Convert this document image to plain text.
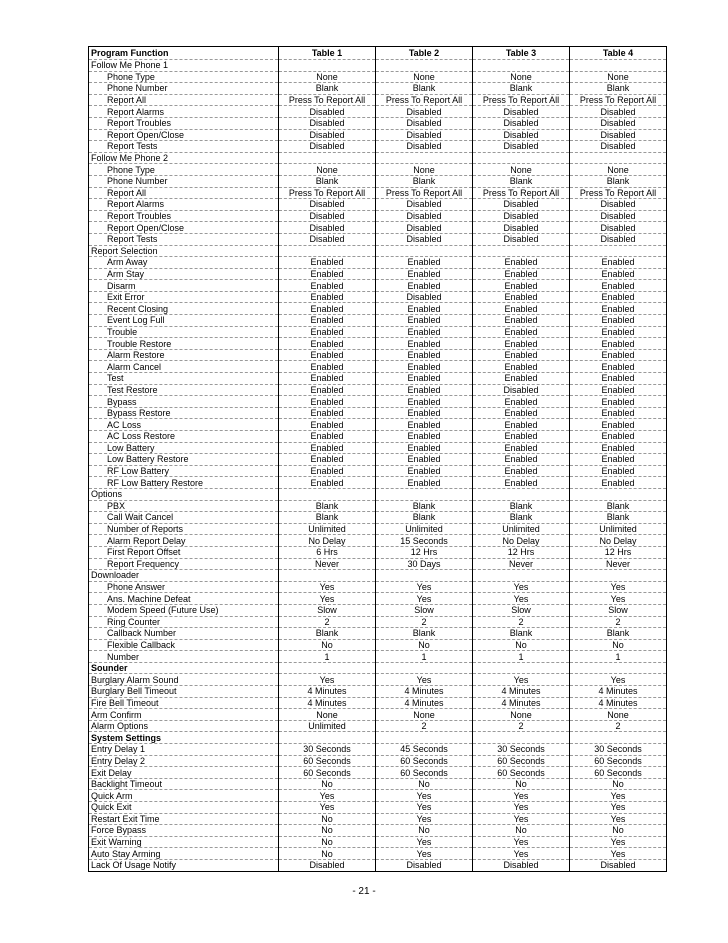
Program Function	Table 1	Table 2	Table 3	Table 4
Follow Me Phone 1				
Phone Type	None	None	None	None
Phone Number	Blank	Blank	Blank	Blank
Report All	Press To Report All	Press To Report All	Press To Report All	Press To Report All
Report Alarms	Disabled	Disabled	Disabled	Disabled
Report Troubles	Disabled	Disabled	Disabled	Disabled
Report Open/Close	Disabled	Disabled	Disabled	Disabled
Report Tests	Disabled	Disabled	Disabled	Disabled
Follow Me Phone 2				
Phone Type	None	None	None	None
Phone Number	Blank	Blank	Blank	Blank
Report All	Press To Report All	Press To Report All	Press To Report All	Press To Report All
Report Alarms	Disabled	Disabled	Disabled	Disabled
Report Troubles	Disabled	Disabled	Disabled	Disabled
Report Open/Close	Disabled	Disabled	Disabled	Disabled
Report Tests	Disabled	Disabled	Disabled	Disabled
Report Selection				
Arm Away	Enabled	Enabled	Enabled	Enabled
Arm Stay	Enabled	Enabled	Enabled	Enabled
Disarm	Enabled	Enabled	Enabled	Enabled
Exit Error	Enabled	Disabled	Enabled	Enabled
Recent Closing	Enabled	Enabled	Enabled	Enabled
Event Log Full	Enabled	Enabled	Enabled	Enabled
Trouble	Enabled	Enabled	Enabled	Enabled
Trouble Restore	Enabled	Enabled	Enabled	Enabled
Alarm Restore	Enabled	Enabled	Enabled	Enabled
Alarm Cancel	Enabled	Enabled	Enabled	Enabled
Test	Enabled	Enabled	Enabled	Enabled
Test Restore	Enabled	Enabled	Disabled	Enabled
Bypass	Enabled	Enabled	Enabled	Enabled
Bypass Restore	Enabled	Enabled	Enabled	Enabled
AC Loss	Enabled	Enabled	Enabled	Enabled
AC Loss Restore	Enabled	Enabled	Enabled	Enabled
Low Battery	Enabled	Enabled	Enabled	Enabled
Low Battery Restore	Enabled	Enabled	Enabled	Enabled
RF Low Battery	Enabled	Enabled	Enabled	Enabled
RF Low Battery Restore	Enabled	Enabled	Enabled	Enabled
Options				
PBX	Blank	Blank	Blank	Blank
Call Wait Cancel	Blank	Blank	Blank	Blank
Number of Reports	Unlimited	Unlimited	Unlimited	Unlimited
Alarm Report Delay	No Delay	15 Seconds	No Delay	No Delay
First Report Offset	6 Hrs	12 Hrs	12 Hrs	12 Hrs
Report Frequency	Never	30 Days	Never	Never
Downloader				
Phone Answer	Yes	Yes	Yes	Yes
Ans. Machine Defeat	Yes	Yes	Yes	Yes
Modem Speed (Future Use)	Slow	Slow	Slow	Slow
Ring Counter	2	2	2	2
Callback Number	Blank	Blank	Blank	Blank
Flexible Callback	No	No	No	No
Number	1	1	1	1
Sounder				
Burglary Alarm Sound	Yes	Yes	Yes	Yes
Burglary Bell Timeout	4 Minutes	4 Minutes	4 Minutes	4 Minutes
Fire Bell Timeout	4 Minutes	4 Minutes	4 Minutes	4 Minutes
Arm Confirm	None	None	None	None
Alarm Options	Unlimited	2	2	2
System Settings				
Entry Delay 1	30 Seconds	45 Seconds	30 Seconds	30 Seconds
Entry Delay 2	60 Seconds	60 Seconds	60 Seconds	60 Seconds
Exit Delay	60 Seconds	60 Seconds	60 Seconds	60 Seconds
Backlight Timeout	No	No	No	No
Quick Arm	Yes	Yes	Yes	Yes
Quick Exit	Yes	Yes	Yes	Yes
Restart Exit Time	No	Yes	Yes	Yes
Force Bypass	No	No	No	No
Exit Warning	No	Yes	Yes	Yes
Auto Stay Arming	No	Yes	Yes	Yes
Lack Of Usage Notify	Disabled	Disabled	Disabled	Disabled
- 21 -
